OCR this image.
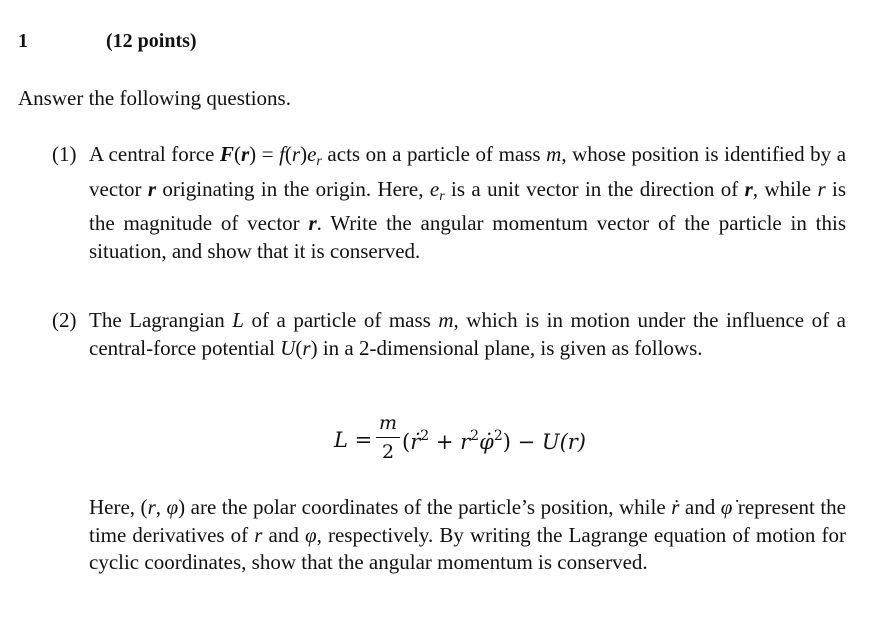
1	(12 points)
Answer the following questions.
(1) A central force $F(r) = f(r)e_r$ acts on a particle of mass m, whose position is identified by a vector r originating in the origin. Here, $e_r$ is a unit vector in the direction of r, while r is the magnitude of vector r. Write the angular momentum vector of the particle in this situation, and show that it is conserved.

(2) The Lagrangian L of a particle of mass m, which is in motion under the influence of a central-force potential U(r) in a 2-dimensional plane, is given as follows.

L =
m
2 (ṙ$^2$ + $r^2\varphi̇^2) - U(r)$

Here, (r, φ) are the polar coordinates of the particle’s position, while ṙ and φ̇ represent the time derivatives of r and φ, respectively. By writing the Lagrange equation of motion for cyclic coordinates, show that the angular momentum is conserved.
